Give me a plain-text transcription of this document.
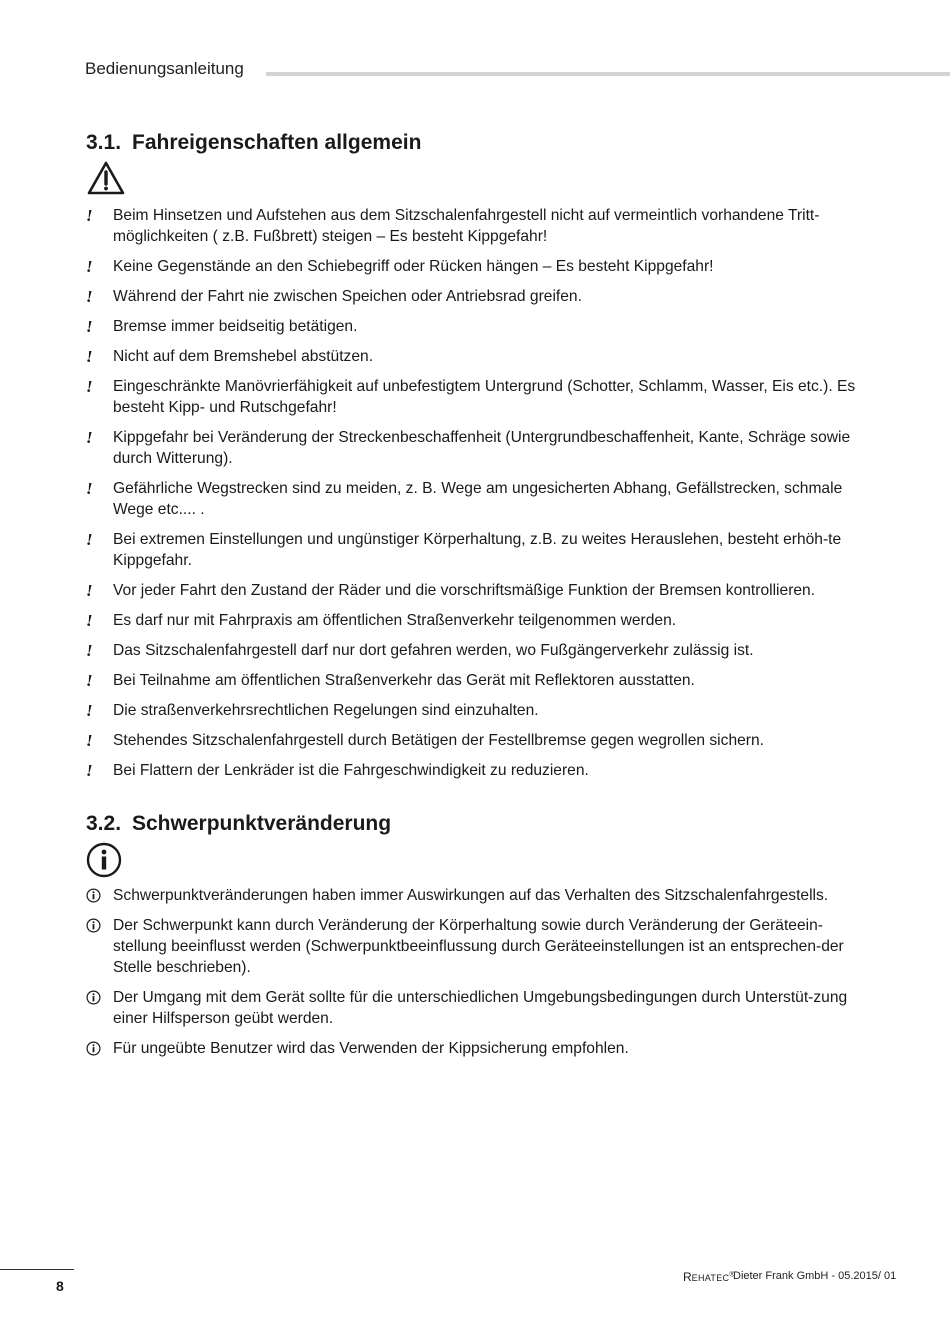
Bedienungsanleitung
3.1. Fahreigenschaften allgemein
! Beim Hinsetzen und Aufstehen aus dem Sitzschalenfahrgestell nicht auf vermeintlich vorhandene Tritt-möglichkeiten ( z.B. Fußbrett) steigen – Es besteht Kippgefahr!
! Keine Gegenstände an den Schiebegriff oder Rücken hängen – Es besteht Kippgefahr!
! Während der Fahrt nie zwischen Speichen oder Antriebsrad greifen.
! Bremse immer beidseitig betätigen.
! Nicht auf dem Bremshebel abstützen.
! Eingeschränkte Manövrierfähigkeit auf unbefestigtem Untergrund (Schotter, Schlamm, Wasser, Eis etc.). Es besteht Kipp- und Rutschgefahr!
! Kippgefahr bei Veränderung der Streckenbeschaffenheit (Untergrundbeschaffenheit, Kante, Schräge sowie durch Witterung).
! Gefährliche Wegstrecken sind zu meiden, z. B. Wege am ungesicherten Abhang, Gefällstrecken, schmale Wege etc.... .
! Bei extremen Einstellungen und ungünstiger Körperhaltung, z.B. zu weites Herauslehen, besteht erhöh-te Kippgefahr.
! Vor jeder Fahrt den Zustand der Räder und die vorschriftsmäßige Funktion der Bremsen kontrollieren.
! Es darf nur mit Fahrpraxis am öffentlichen Straßenverkehr teilgenommen werden.
! Das Sitzschalenfahrgestell darf nur dort gefahren werden, wo Fußgängerverkehr zulässig ist.
! Bei Teilnahme am öffentlichen Straßenverkehr das Gerät mit Reflektoren ausstatten.
! Die straßenverkehrsrechtlichen Regelungen sind einzuhalten.
! Stehendes Sitzschalenfahrgestell durch Betätigen der Festellbremse gegen wegrollen sichern.
! Bei Flattern der Lenkräder ist die Fahrgeschwindigkeit zu reduzieren.
3.2. Schwerpunktveränderung
Schwerpunktveränderungen haben immer Auswirkungen auf das Verhalten des Sitzschalenfahrgestells.
Der Schwerpunkt kann durch Veränderung der Körperhaltung sowie durch Veränderung der Geräteein-stellung beeinflusst werden (Schwerpunktbeeinflussung durch Geräteeinstellungen ist an entsprechen-der Stelle beschrieben).
Der Umgang mit dem Gerät sollte für die unterschiedlichen Umgebungsbedingungen durch Unterstüt-zung einer Hilfsperson geübt werden.
Für ungeübte Benutzer wird das Verwenden der Kippsicherung empfohlen.
8
REHATEC®
Dieter Frank GmbH - 05.2015/ 01
